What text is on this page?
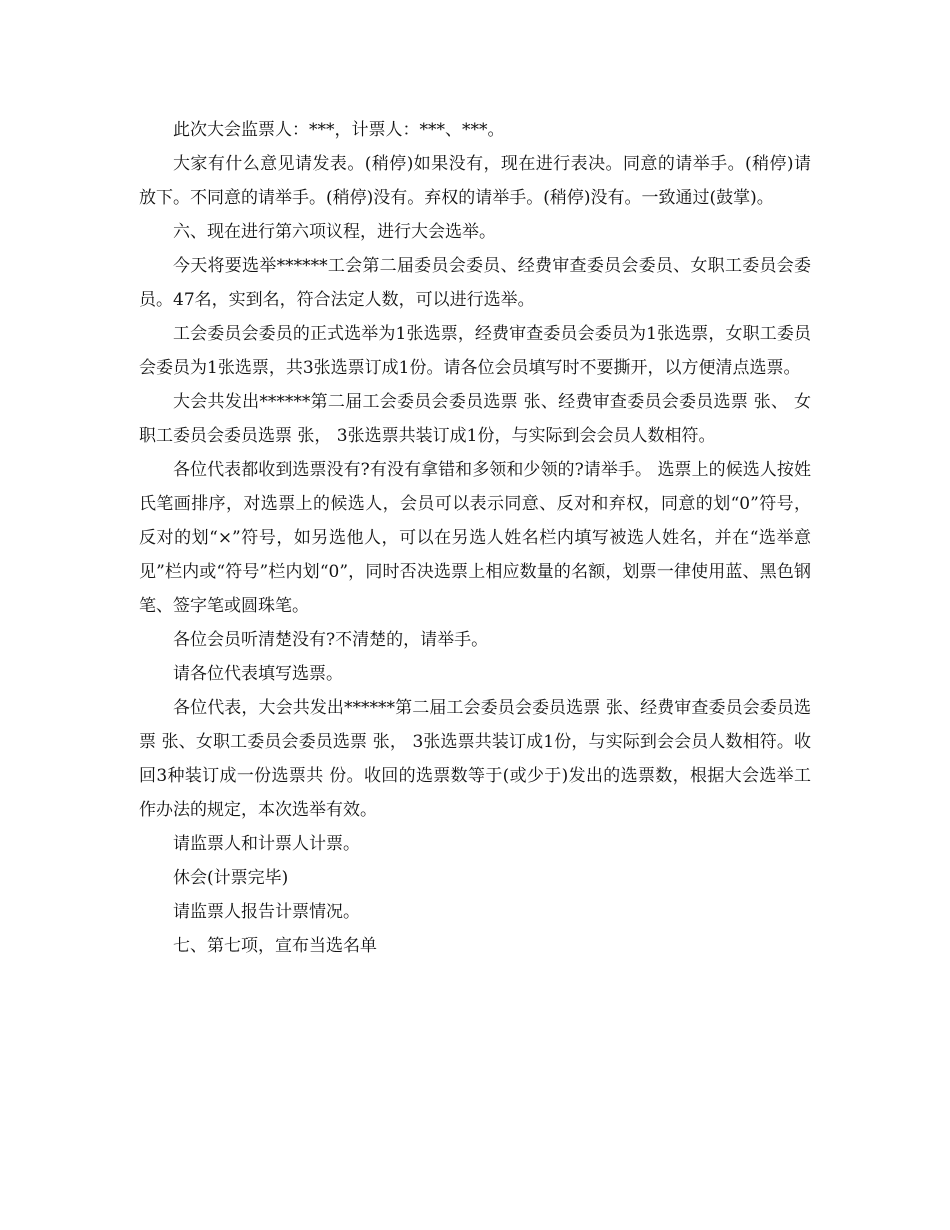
此次大会监票人：***，计票人：***、***。

大家有什么意见请发表。(稍停)如果没有，现在进行表决。同意的请举手。(稍停)请放下。不同意的请举手。(稍停)没有。弃权的请举手。(稍停)没有。一致通过(鼓掌)。

六、现在进行第六项议程，进行大会选举。

今天将要选举******工会第二届委员会委员、经费审查委员会委员、女职工委员会委员。47名，实到名，符合法定人数，可以进行选举。

工会委员会委员的正式选举为1张选票，经费审查委员会委员为1张选票，女职工委员会委员为1张选票，共3张选票订成1份。请各位会员填写时不要撕开，以方便清点选票。

大会共发出******第二届工会委员会委员选票 张、经费审查委员会委员选票 张、 女职工委员会委员选票 张， 3张选票共装订成1份，与实际到会会员人数相符。

各位代表都收到选票没有?有没有拿错和多领和少领的?请举手。 选票上的候选人按姓氏笔画排序，对选票上的候选人，会员可以表示同意、反对和弃权，同意的划“0”符号，反对的划“×”符号，如另选他人，可以在另选人姓名栏内填写被选人姓名，并在“选举意见”栏内或“符号”栏内划“0”，同时否决选票上相应数量的名额，划票一律使用蓝、黑色钢笔、签字笔或圆珠笔。

各位会员听清楚没有?不清楚的，请举手。

请各位代表填写选票。

各位代表，大会共发出******第二届工会委员会委员选票 张、经费审查委员会委员选票 张、女职工委员会委员选票 张， 3张选票共装订成1份，与实际到会会员人数相符。收回3种装订成一份选票共 份。收回的选票数等于(或少于)发出的选票数，根据大会选举工作办法的规定，本次选举有效。

请监票人和计票人计票。

休会(计票完毕)

请监票人报告计票情况。

七、第七项，宣布当选名单
